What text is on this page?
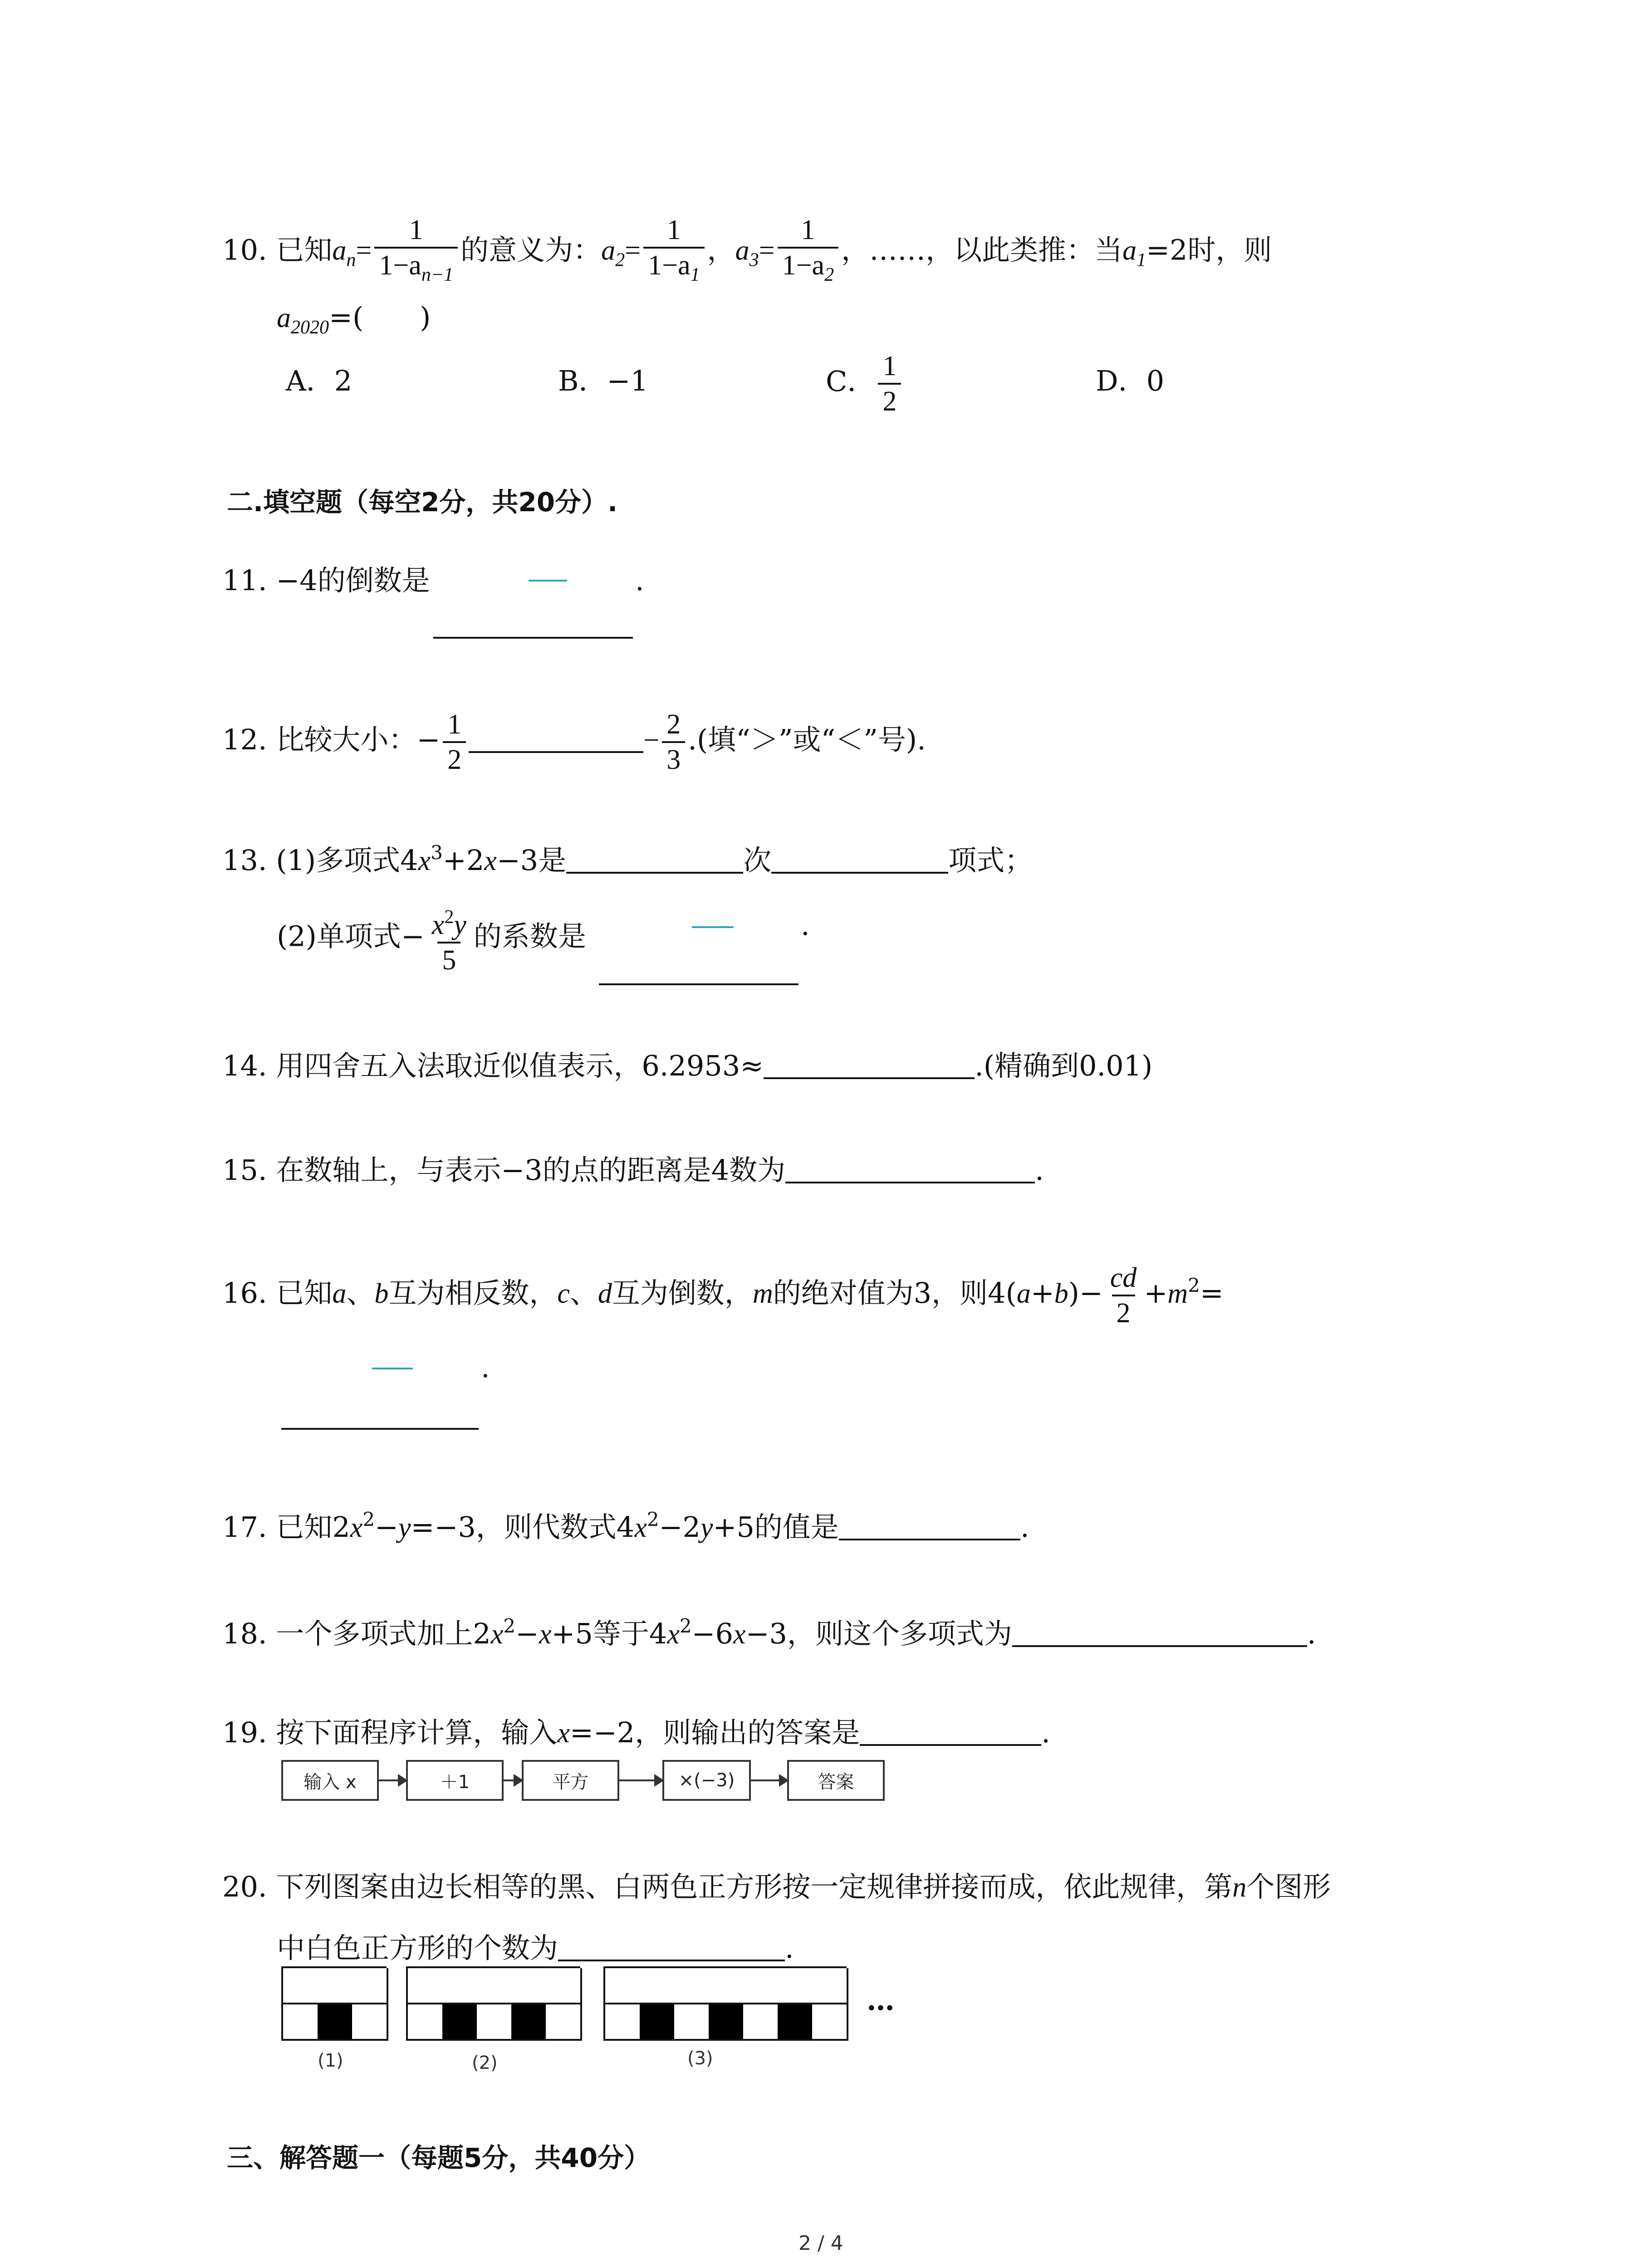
10. 已知$a_n= \frac{1}{1-a_{n-1}}$ 的意义为：$a_2= \frac{1}{1-a_1}$ ，$a_3= \frac{1}{1-a_2}$ ，……，以此类推：当$a_1=2$时，则
$a_{2020}=$(　　)
A．2	B．−1	C． $\frac{1}{2}$	D．0
二.填空题（每空2分，共20分）.
11. −4的倒数是	.
12. 比较大小：− $\frac{1}{2}$	− $\frac{2}{3}$ .(填“＞”或“＜”号).
13. (1)多项式$4x^3+2x-3$是	次	项式；
(2)单项式− $\frac{x^2y}{5}$ 的系数是	.
14. 用四舍五入法取近似值表示，6.2953≈	.(精确到0.01)
15. 在数轴上，与表示−3的点的距离是4数为	.
16. 已知a、b互为相反数，c、d互为倒数，m的绝对值为3，则$4(a+b)- \frac{cd}{2} +m^2=$
.
17. 已知$2x^2-y=-3$，则代数式$4x^2-2y+5$的值是	.
18. 一个多项式加上$2x^2-x+5$等于$4x^2-6x-3$，则这个多项式为	.
19. 按下面程序计算，输入x=−2，则输出的答案是	.
输入 x	＋1	平方	×(−3)	答案
20. 下列图案由边长相等的黑、白两色正方形按一定规律拼接而成，依此规律，第n个图形
中白色正方形的个数为	.
…
(1)	(2)	(3)
三、解答题一（每题5分，共40分）
2 / 4
